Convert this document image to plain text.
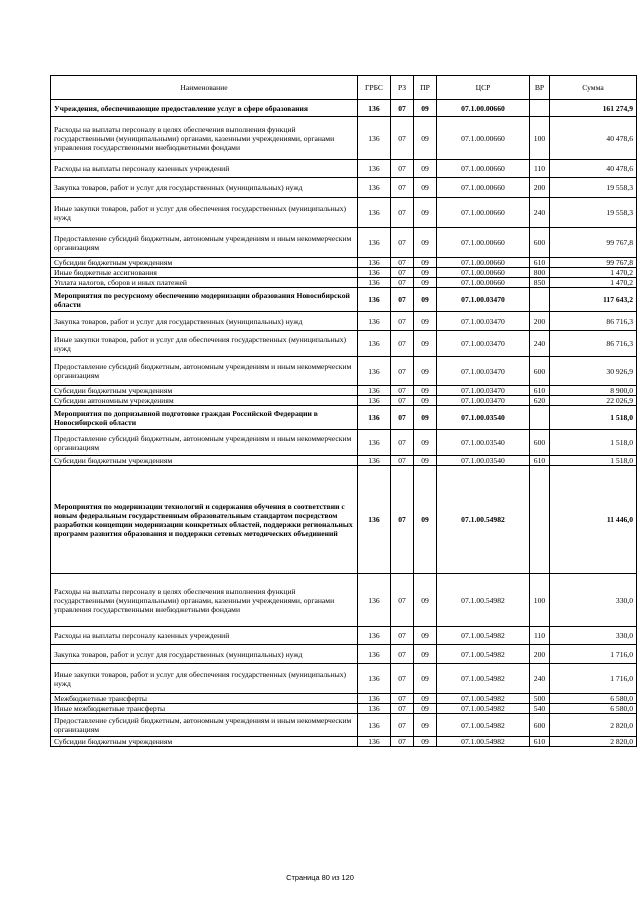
Наименование	ГРБС	РЗ	ПР	ЦСР	ВР	Сумма
Учреждения, обеспечивающие предоставление услуг в сфере образования	136	07	09	07.1.00.00660		161 274,9
Расходы на выплаты персоналу в целях обеспечения выполнения функций государственными (муниципальными) органами, казенными учреждениями, органами управления государственными внебюджетными фондами	136	07	09	07.1.00.00660	100	40 478,6
Расходы на выплаты персоналу казенных учреждений	136	07	09	07.1.00.00660	110	40 478,6
Закупка товаров, работ и услуг для государственных (муниципальных) нужд	136	07	09	07.1.00.00660	200	19 558,3
Иные закупки товаров, работ и услуг для обеспечения государственных (муниципальных) нужд	136	07	09	07.1.00.00660	240	19 558,3
Предоставление субсидий бюджетным, автономным учреждениям и иным некоммерческим организациям	136	07	09	07.1.00.00660	600	99 767,8
Субсидии бюджетным учреждениям	136	07	09	07.1.00.00660	610	99 767,8
Иные бюджетные ассигнования	136	07	09	07.1.00.00660	800	1 470,2
Уплата налогов, сборов и иных платежей	136	07	09	07.1.00.00660	850	1 470,2
Мероприятия по ресурсному обеспечению модернизации образования Новосибирской области	136	07	09	07.1.00.03470		117 643,2
Закупка товаров, работ и услуг для государственных (муниципальных) нужд	136	07	09	07.1.00.03470	200	86 716,3
Иные закупки товаров, работ и услуг для обеспечения государственных (муниципальных) нужд	136	07	09	07.1.00.03470	240	86 716,3
Предоставление субсидий бюджетным, автономным учреждениям и иным некоммерческим организациям	136	07	09	07.1.00.03470	600	30 926,9
Субсидии бюджетным учреждениям	136	07	09	07.1.00.03470	610	8 900,0
Субсидии автономным учреждениям	136	07	09	07.1.00.03470	620	22 026,9
Мероприятия по допризывной подготовке граждан Российской Федерации в Новосибирской области	136	07	09	07.1.00.03540		1 518,0
Предоставление субсидий бюджетным, автономным учреждениям и иным некоммерческим организациям	136	07	09	07.1.00.03540	600	1 518,0
Субсидии бюджетным учреждениям	136	07	09	07.1.00.03540	610	1 518,0
Мероприятия по модернизации технологий и содержания обучения в соответствии с новым федеральным государственным образовательным стандартом посредством разработки концепции модернизации конкретных областей, поддержки региональных программ развития образования и поддержки сетевых методических объединений	136	07	09	07.1.00.54982		11 446,0
Расходы на выплаты персоналу в целях обеспечения выполнения функций государственными (муниципальными) органами, казенными учреждениями, органами управления государственными внебюджетными фондами	136	07	09	07.1.00.54982	100	330,0
Расходы на выплаты персоналу казенных учреждений	136	07	09	07.1.00.54982	110	330,0
Закупка товаров, работ и услуг для государственных (муниципальных) нужд	136	07	09	07.1.00.54982	200	1 716,0
Иные закупки товаров, работ и услуг для обеспечения государственных (муниципальных) нужд	136	07	09	07.1.00.54982	240	1 716,0
Межбюджетные трансферты	136	07	09	07.1.00.54982	500	6 580,0
Иные межбюджетные трансферты	136	07	09	07.1.00.54982	540	6 580,0
Предоставление субсидий бюджетным, автономным учреждениям и иным некоммерческим организациям	136	07	09	07.1.00.54982	600	2 820,0
Субсидии бюджетным учреждениям	136	07	09	07.1.00.54982	610	2 820,0
Страница 80 из 120
